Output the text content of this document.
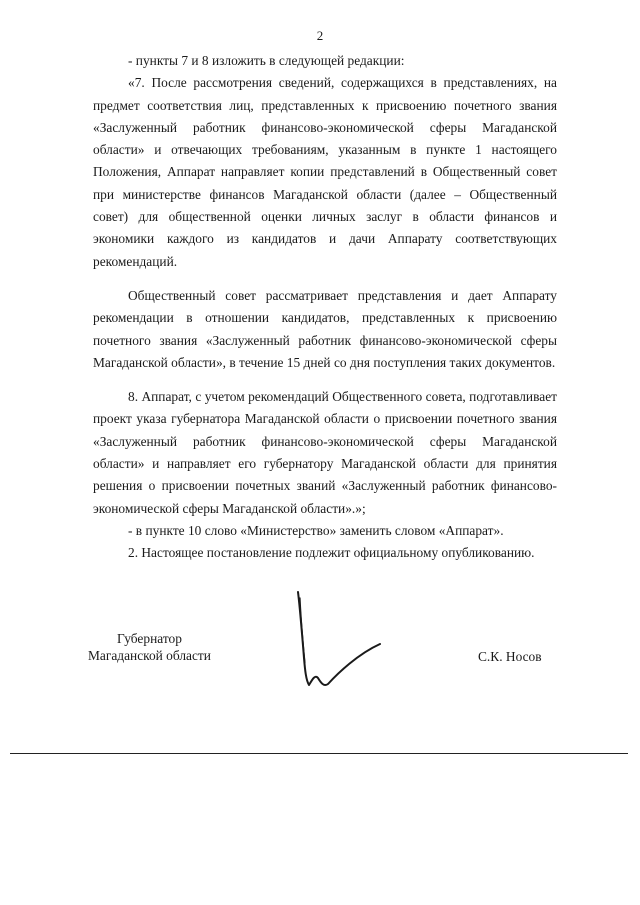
2

- пункты 7 и 8 изложить в следующей редакции:

«7. После рассмотрения сведений, содержащихся в представлениях, на предмет соответствия лиц, представленных к присвоению почетного звания «Заслуженный работник финансово-экономической сферы Магаданской области» и отвечающих требованиям, указанным в пункте 1 настоящего Положения, Аппарат направляет копии представлений в Общественный совет при министерстве финансов Магаданской области (далее – Общественный совет) для общественной оценки личных заслуг в области финансов и экономики каждого из кандидатов и дачи Аппарату соответствующих рекомендаций.

Общественный совет рассматривает представления и дает Аппарату рекомендации в отношении кандидатов, представленных к присвоению почетного звания «Заслуженный работник финансово-экономической сферы Магаданской области», в течение 15 дней со дня поступления таких документов.

8. Аппарат, с учетом рекомендаций Общественного совета, подготавливает проект указа губернатора Магаданской области о присвоении почетного звания «Заслуженный работник финансово-экономической сферы Магаданской области» и направляет его губернатору Магаданской области для принятия решения о присвоении почетных званий «Заслуженный работник финансово-экономической сферы Магаданской области».»;

- в пункте 10 слово «Министерство» заменить словом «Аппарат».

2. Настоящее постановление подлежит официальному опубликованию.

Губернатор
Магаданской области	С.К. Носов
